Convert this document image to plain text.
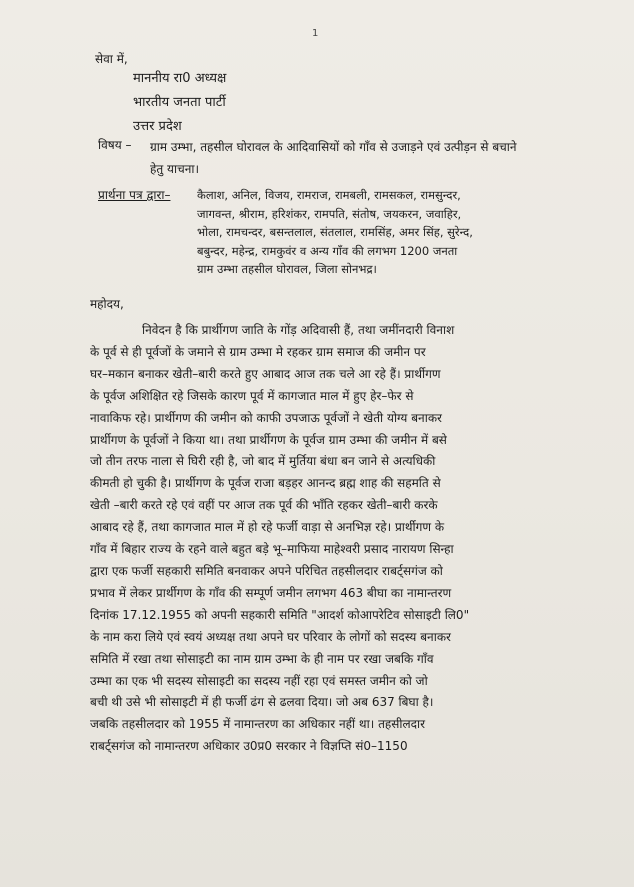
1
सेवा में,
माननीय रा0 अध्यक्ष
भारतीय जनता पार्टी
उत्तर प्रदेश
विषय – ग्राम उम्भा, तहसील घोरावल के आदिवासियों को गाँव से उजाड़ने एवं उत्पीड़न से बचाने हेतु याचना।
प्रार्थना पत्र द्वारा– कैलाश, अनिल, विजय, रामराज, रामबली, रामसकल, रामसुन्दर,
जागवन्त, श्रीराम, हरिशंकर, रामपति, संतोष, जयकरन, जवाहिर,
भोला, रामचन्दर, बसन्तलाल, संतलाल, रामसिंह, अमर सिंह, सुरेन्द,
बबुन्दर, महेन्द्र, रामकुवंर व अन्य गाँव की लगभग 1200 जनता
ग्राम उम्भा तहसील घोरावल, जिला सोनभद्र।
महोदय,
निवेदन है कि प्रार्थीगण जाति के गोंड़ अदिवासी हैं, तथा जमींनदारी विनाश
के पूर्व से ही पूर्वजों के जमाने से ग्राम उम्भा मे रहकर ग्राम समाज की जमीन पर
घर–मकान बनाकर खेती–बारी करते हुए आबाद आज तक चले आ रहे हैं। प्रार्थीगण
के पूर्वज अशिक्षित रहे जिसके कारण पूर्व में कागजात माल में हुए हेर–फेर से
नावाकिफ रहे। प्रार्थीगण की जमीन को काफी उपजाऊ पूर्वजों ने खेती योग्य बनाकर
प्रार्थीगण के पूर्वजों ने किया था। तथा प्रार्थीगण के पूर्वज ग्राम उम्भा की जमीन में बसे
जो तीन तरफ नाला से घिरी रही है, जो बाद में मुर्तिया बंधा बन जाने से अत्यधिकी
कीमती हो चुकी है। प्रार्थीगण के पूर्वज राजा बड़हर आनन्द ब्रह्म शाह की सहमति से
खेती –बारी करते रहे एवं वहीं पर आज तक पूर्व की भाँति रहकर खेती–बारी करके
आबाद रहे हैं, तथा कागजात माल में हो रहे फर्जी वाड़ा से अनभिज्ञ रहे। प्रार्थीगण के
गाँव में बिहार राज्य के रहने वाले बहुत बड़े भू–माफिया माहेश्वरी प्रसाद नारायण सिन्हा
द्वारा एक फर्जी सहकारी समिति बनवाकर अपने परिचित तहसीलदार राबर्ट्सगंज को
प्रभाव में लेकर प्रार्थीगण के गाँव की सम्पूर्ण जमीन लगभग 463 बीघा का नामान्तरण
दिनांक 17.12.1955 को अपनी सहकारी समिति "आदर्श कोआपरेटिव सोसाइटी लि0"
के नाम करा लिये एवं स्वयं अध्यक्ष तथा अपने घर परिवार के लोगों को सदस्य बनाकर
समिति में रखा तथा सोसाइटी का नाम ग्राम उम्भा के ही नाम पर रखा जबकि गाँव
उम्भा का एक भी सदस्य सोसाइटी का सदस्य नहीं रहा एवं समस्त जमीन को जो
बची थी उसे भी सोसाइटी में ही फर्जी ढंग से ढलवा दिया। जो अब 637 बिघा है।
जबकि तहसीलदार को 1955 में नामान्तरण का अधिकार नहीं था। तहसीलदार
राबर्ट्सगंज को नामान्तरण अधिकार उ0प्र0 सरकार ने विज्ञप्ति सं0–1150
